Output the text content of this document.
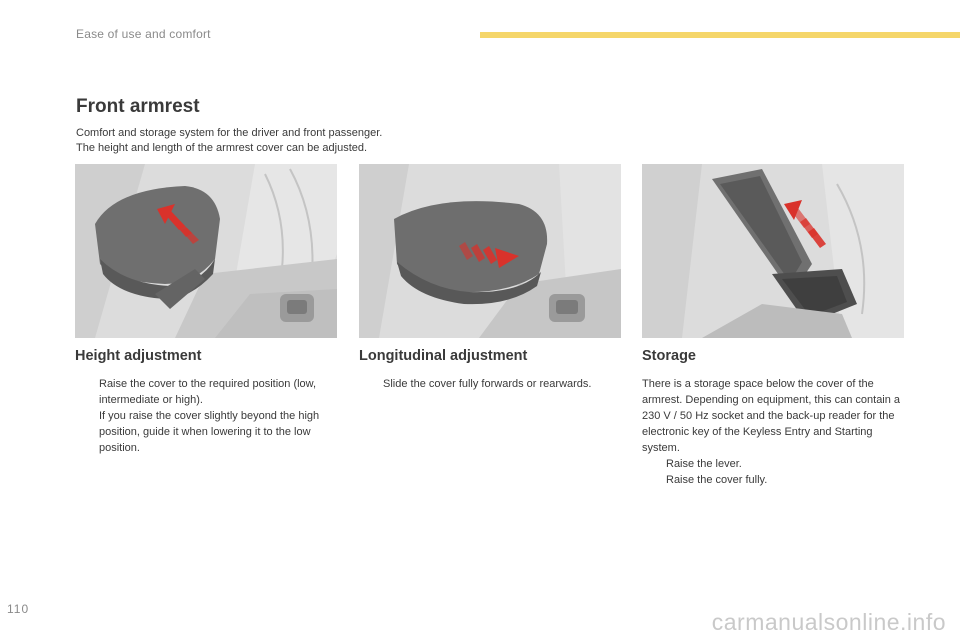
Ease of use and comfort
Front armrest
Comfort and storage system for the driver and front passenger.
The height and length of the armrest cover can be adjusted.
Height adjustment
Raise the cover to the required position (low, intermediate or high).
If you raise the cover slightly beyond the high position, guide it when lowering it to the low position.
Longitudinal adjustment
Slide the cover fully forwards or rearwards.
Storage

There is a storage space below the cover of the armrest. Depending on equipment, this can contain a 230 V / 50 Hz socket and the back-up reader for the electronic key of the Keyless Entry and Starting system.

Raise the lever.
Raise the cover fully.
110	carmanualsonline.info
